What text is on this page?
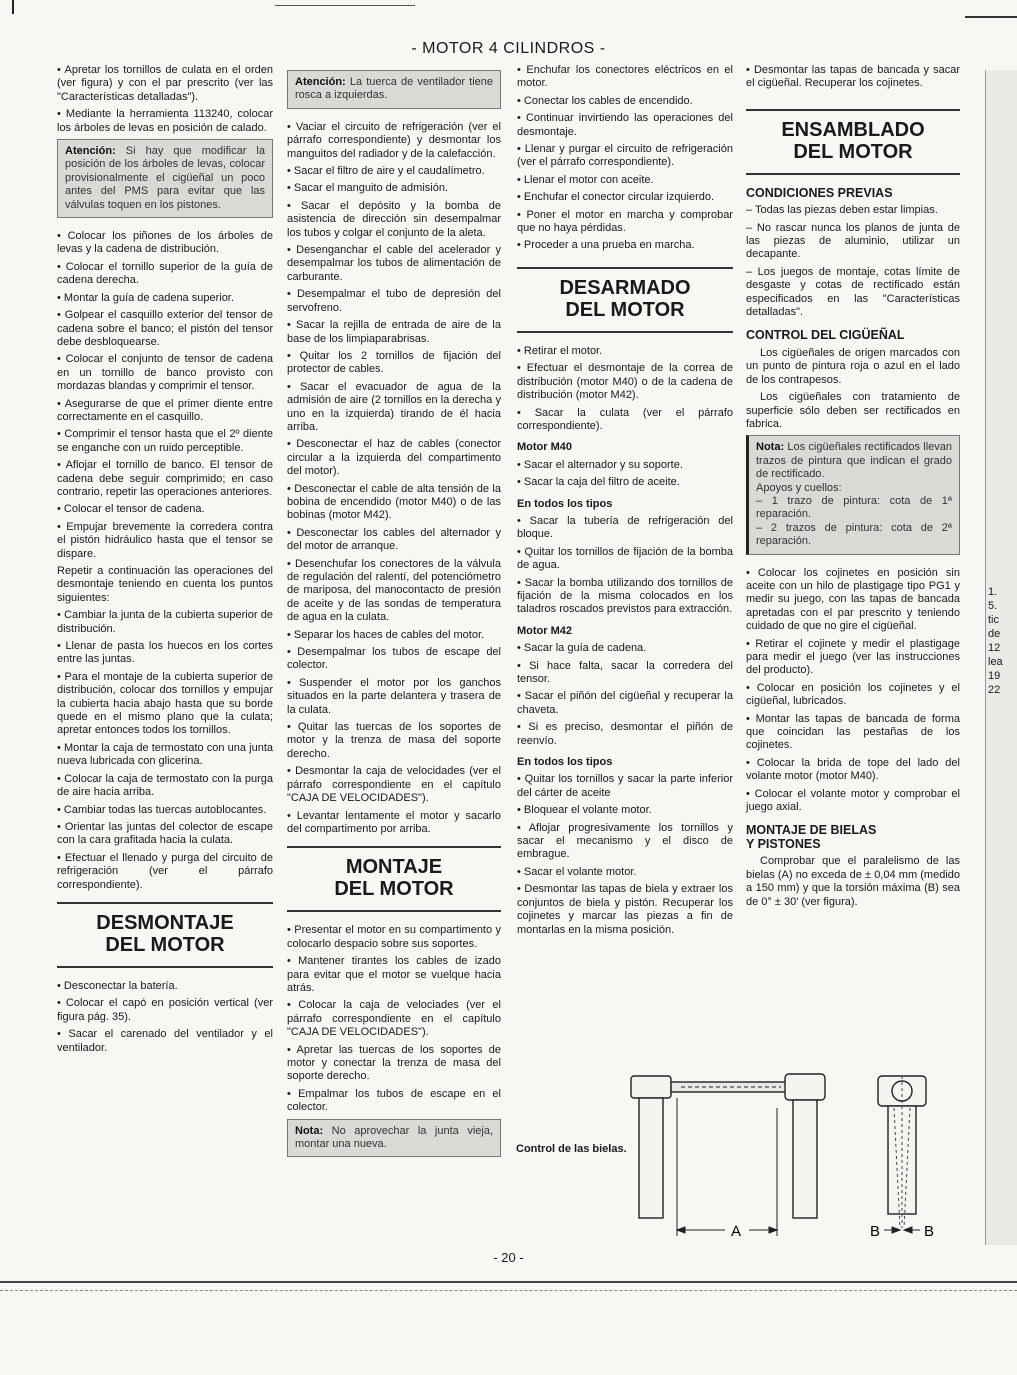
- MOTOR 4 CILINDROS -

• Apretar los tornillos de culata en el orden (ver figura) y con el par prescrito (ver las "Características detalladas").

• Mediante la herramienta 113240, colocar los árboles de levas en posición de calado.

Atención: Si hay que modificar la posición de los árboles de levas, colocar provisionalmente el cigüeñal un poco antes del PMS para evitar que las válvulas toquen en los pistones.

• Colocar los piñones de los árboles de levas y la cadena de distribución.

• Colocar el tornillo superior de la guía de cadena derecha.

• Montar la guía de cadena superior.

• Golpear el casquillo exterior del tensor de cadena sobre el banco; el pistón del tensor debe desbloquearse.

• Colocar el conjunto de tensor de cadena en un tornillo de banco provisto con mordazas blandas y comprimir el tensor.

• Asegurarse de que el primer diente entre correctamente en el casquillo.

• Comprimir el tensor hasta que el 2º diente se enganche con un ruido perceptible.

• Aflojar el tornillo de banco. El tensor de cadena debe seguir comprimido; en caso contrario, repetir las operaciones anteriores.

• Colocar el tensor de cadena.

• Empujar brevemente la corredera contra el pistón hidráulico hasta que el tensor se dispare.

Repetir a continuación las operaciones del desmontaje teniendo en cuenta los puntos siguientes:

• Cambiar la junta de la cubierta superior de distribución.

• Llenar de pasta los huecos en los cortes entre las juntas.

• Para el montaje de la cubierta superior de distribución, colocar dos tornillos y empujar la cubierta hacia abajo hasta que su borde quede en el mismo plano que la culata; apretar entonces todos los tornillos.

• Montar la caja de termostato con una junta nueva lubricada con glicerina.

• Colocar la caja de termostato con la purga de aire hacia arriba.

• Cambiar todas las tuercas autoblocantes.

• Orientar las juntas del colector de escape con la cara grafitada hacia la culata.

• Efectuar el llenado y purga del circuito de refrigeración (ver el párrafo correspondiente).

DESMONTAJE
DEL MOTOR

• Desconectar la batería.

• Colocar el capó en posición vertical (ver figura pág. 35).

• Sacar el carenado del ventilador y el ventilador.

Atención: La tuerca de ventilador tiene rosca a izquierdas.

• Vaciar el circuito de refrigeración (ver el párrafo correspondiente) y desmontar los manguitos del radiador y de la calefacción.

• Sacar el filtro de aire y el caudalímetro.

• Sacar el manguito de admisión.

• Sacar el depósito y la bomba de asistencia de dirección sin desempalmar los tubos y colgar el conjunto de la aleta.

• Desenganchar el cable del acelerador y desempalmar los tubos de alimentación de carburante.

• Desempalmar el tubo de depresión del servofreno.

• Sacar la rejilla de entrada de aire de la base de los limpiaparabrisas.

• Quitar los 2 tornillos de fijación del protector de cables.

• Sacar el evacuador de agua de la admisión de aire (2 tornillos en la derecha y uno en la izquierda) tirando de él hacia arriba.

• Desconectar el haz de cables (conector circular a la izquierda del compartimento del motor).

• Desconectar el cable de alta tensión de la bobina de encendido (motor M40) o de las bobinas (motor M42).

• Desconectar los cables del alternador y del motor de arranque.

• Desenchufar los conectores de la válvula de regulación del ralentí, del potenciómetro de mariposa, del manocontacto de presión de aceite y de las sondas de temperatura de agua en la culata.

• Separar los haces de cables del motor.

• Desempalmar los tubos de escape del colector.

• Suspender el motor por los ganchos situados en la parte delantera y trasera de la culata.

• Quitar las tuercas de los soportes de motor y la trenza de masa del soporte derecho.

• Desmontar la caja de velocidades (ver el párrafo correspondiente en el capítulo "CAJA DE VELOCIDADES").

• Levantar lentamente el motor y sacarlo del compartimento por arriba.

MONTAJE
DEL MOTOR

• Presentar el motor en su compartimento y colocarlo despacio sobre sus soportes.

• Mantener tirantes los cables de izado para evitar que el motor se vuelque hacia atrás.

• Colocar la caja de velociades (ver el párrafo correspondiente en el capítulo "CAJA DE VELOCIDADES").

• Apretar las tuercas de los soportes de motor y conectar la trenza de masa del soporte derecho.

• Empalmar los tubos de escape en el colector.

Nota: No aprovechar la junta vieja, montar una nueva.

• Enchufar los conectores eléctricos en el motor.

• Conectar los cables de encendido.

• Continuar invirtiendo las operaciones del desmontaje.

• Llenar y purgar el circuito de refrigeración (ver el párrafo correspondiente).

• Llenar el motor con aceite.

• Enchufar el conector circular izquierdo.

• Poner el motor en marcha y comprobar que no haya pérdidas.

• Proceder a una prueba en marcha.

DESARMADO
DEL MOTOR

• Retirar el motor.

• Efectuar el desmontaje de la correa de distribución (motor M40) o de la cadena de distribución (motor M42).

• Sacar la culata (ver el párrafo correspondiente).

Motor M40

• Sacar el alternador y su soporte.

• Sacar la caja del filtro de aceite.

En todos los tipos

• Sacar la tubería de refrigeración del bloque.

• Quitar los tornillos de fijación de la bomba de agua.

• Sacar la bomba utilizando dos tornillos de fijación de la misma colocados en los taladros roscados previstos para extracción.

Motor M42

• Sacar la guía de cadena.

• Si hace falta, sacar la corredera del tensor.

• Sacar el piñón del cigüeñal y recuperar la chaveta.

• Si es preciso, desmontar el piñón de reenvío.

En todos los tipos

• Quitar los tornillos y sacar la parte inferior del cárter de aceite

• Bloquear el volante motor.

• Aflojar progresivamente los tornillos y sacar el mecanismo y el disco de embrague.

• Sacar el volante motor.

• Desmontar las tapas de biela y extraer los conjuntos de biela y pistón. Recuperar los cojinetes y marcar las piezas a fin de montarlas en la misma posición.

• Desmontar las tapas de bancada y sacar el cigüeñal. Recuperar los cojinetes.

ENSAMBLADO
DEL MOTOR
CONDICIONES PREVIAS

– Todas las piezas deben estar limpias.

– No rascar nunca los planos de junta de las piezas de aluminio, utilizar un decapante.

– Los juegos de montaje, cotas límite de desgaste y cotas de rectificado están especificados en las "Características detalladas".

CONTROL DEL CIGÜEÑAL

Los cigüeñales de origen marcados con un punto de pintura roja o azul en el lado de los contrapesos.

Los cigüeñales con tratamiento de superficie sólo deben ser rectificados en fabrica.

Nota: Los cigüeñales rectificados llevan trazos de pintura que indican el grado de rectificado.
Apoyos y cuellos:
– 1 trazo de pintura: cota de 1ª reparación.
– 2 trazos de pintura: cota de 2ª reparación.

• Colocar los cojinetes en posición sin aceite con un hilo de plastigage tipo PG1 y medir su juego, con las tapas de bancada apretadas con el par prescrito y teniendo cuidado de que no gire el cigüeñal.

• Retirar el cojinete y medir el plastigage para medir el juego (ver las instrucciones del producto).

• Colocar en posición los cojinetes y el cigüeñal, lubricados.

• Montar las tapas de bancada de forma que coincidan las pestañas de los cojinetes.

• Colocar la brida de tope del lado del volante motor (motor M40).

• Colocar el volante motor y comprobar el juego axial.

MONTAJE DE BIELAS
Y PISTONES

Comprobar que el paralelismo de las bielas (A) no exceda de ± 0,04 mm (medido a 150 mm) y que la torsión máxima (B) sea de 0° ± 30' (ver figura).

1.
5.
tic
de
12
lea
19
22
Control de las bielas.
A	B	B
- 20 -
